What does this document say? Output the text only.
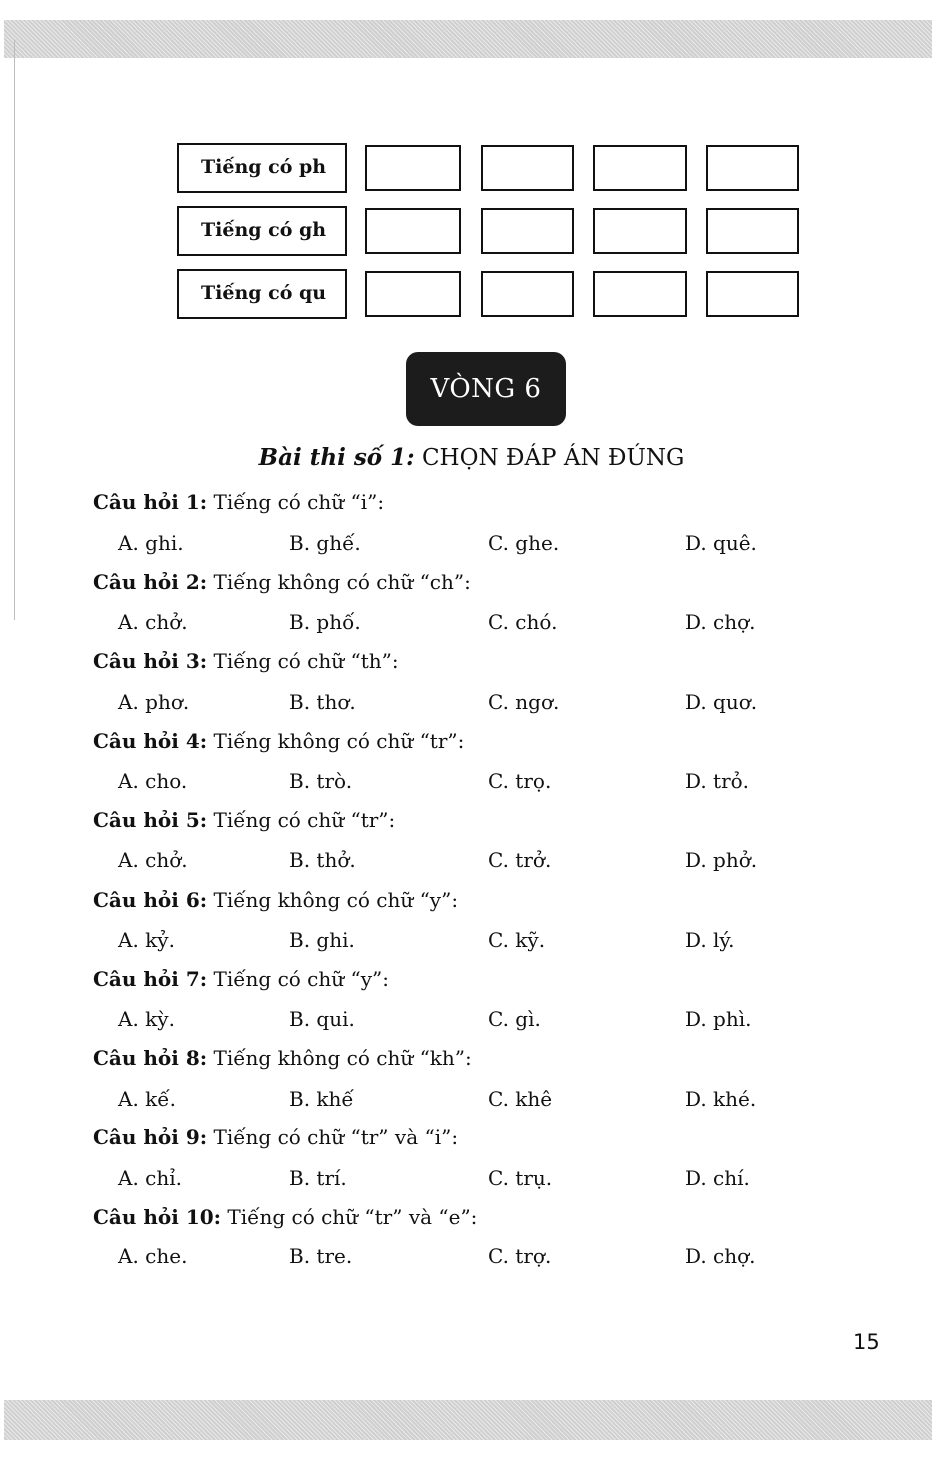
Tiếng có ph
Tiếng có gh
Tiếng có qu
VÒNG 6
Bài thi số 1: CHỌN ĐÁP ÁN ĐÚNG
Câu hỏi 1: Tiếng có chữ “i”:
A. ghi.	B. ghế.	C. ghe.	D. quê.
Câu hỏi 2: Tiếng không có chữ “ch”:
A. chở.	B. phố.	C. chó.	D. chợ.
Câu hỏi 3: Tiếng có chữ “th”:
A. phơ.	B. thơ.	C. ngơ.	D. quơ.
Câu hỏi 4: Tiếng không có chữ “tr”:
A. cho.	B. trò.	C. trọ.	D. trỏ.
Câu hỏi 5: Tiếng có chữ “tr”:
A. chở.	B. thở.	C. trở.	D. phở.
Câu hỏi 6: Tiếng không có chữ “y”:
A. kỷ.	B. ghi.	C. kỹ.	D. lý.
Câu hỏi 7: Tiếng có chữ “y”:
A. kỳ.	B. qui.	C. gì.	D. phì.
Câu hỏi 8: Tiếng không có chữ “kh”:
A. kế.	B. khế	C. khê	D. khé.
Câu hỏi 9: Tiếng có chữ “tr” và “i”:
A. chỉ.	B. trí.	C. trụ.	D. chí.
Câu hỏi 10: Tiếng có chữ “tr” và “e”:
A. che.	B. tre.	C. trợ.	D. chợ.
15
